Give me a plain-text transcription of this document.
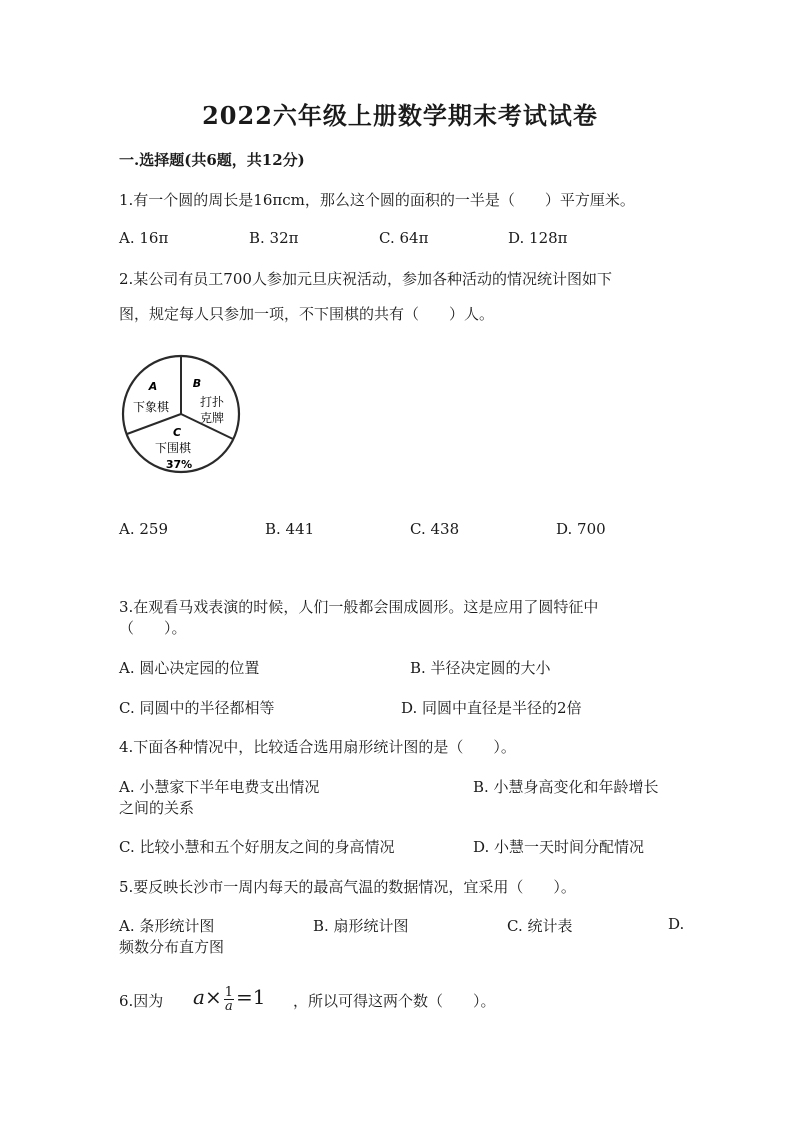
2022六年级上册数学期末考试试卷
一.选择题(共6题，共12分)
1.有一个圆的周长是16πcm，那么这个圆的面积的一半是（　　）平方厘米。
A. 16π	B. 32π	C. 64π	D. 128π
2.某公司有员工700人参加元旦庆祝活动，参加各种活动的情况统计图如下
图，规定每人只参加一项，不下围棋的共有（　　）人。
A
下象棋
B
打扑
克牌
C
下围棋
37%
A. 259	B. 441	C. 438	D. 700
3.在观看马戏表演的时候，人们一般都会围成圆形。这是应用了圆特征中
（　　）。
A. 圆心决定园的位置	B. 半径决定圆的大小
C. 同圆中的半径都相等	D. 同圆中直径是半径的2倍
4.下面各种情况中，比较适合选用扇形统计图的是（　　）。
A. 小慧家下半年电费支出情况	B. 小慧身高变化和年龄增长
之间的关系
C. 比较小慧和五个好朋友之间的身高情况	D. 小慧一天时间分配情况
5.要反映长沙市一周内每天的最高气温的数据情况，宜采用（　　）。
A. 条形统计图	B. 扇形统计图	C. 统计表	D.
频数分布直方图
6.因为 $a\times \frac{1}{a} =1$ ，所以可得这两个数（　　）。
